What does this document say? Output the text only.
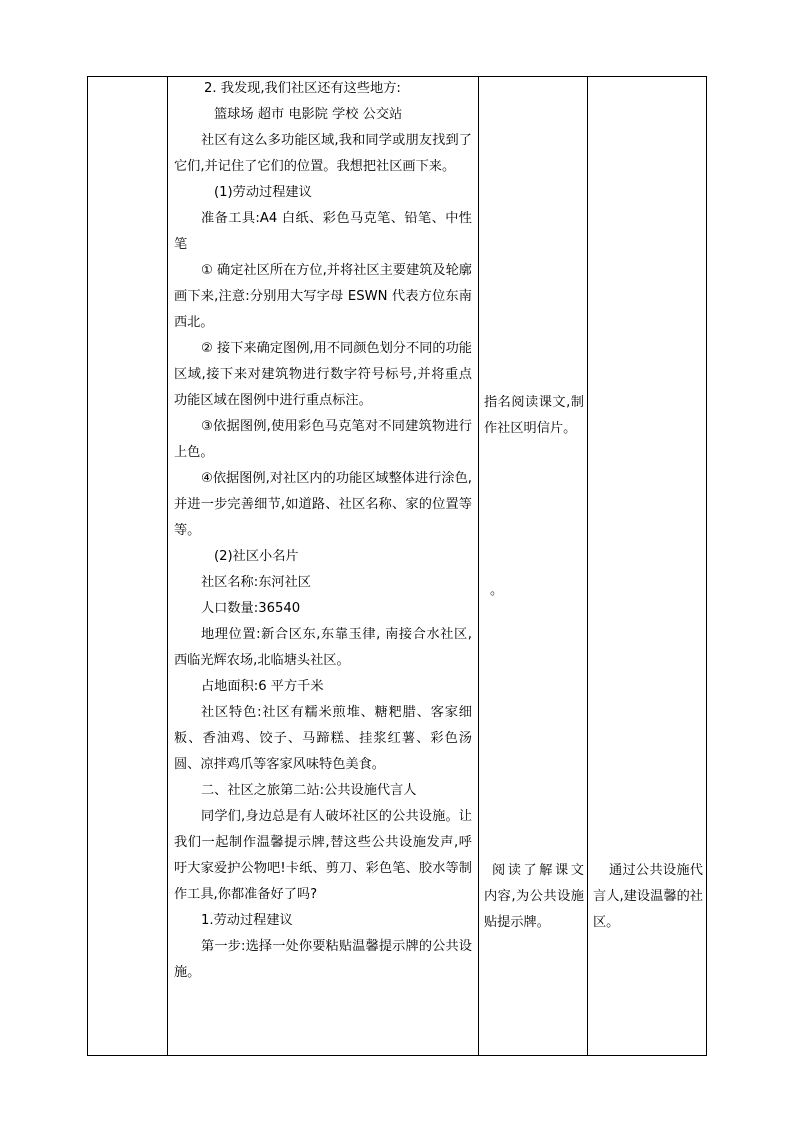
2. 我发现,我们社区还有这些地方:

篮球场 超市 电影院 学校 公交站

社区有这么多功能区域,我和同学或朋友找到了它们,并记住了它们的位置。我想把社区画下来。

(1)劳动过程建议

准备工具:A4 白纸、彩色马克笔、铅笔、中性笔

① 确定社区所在方位,并将社区主要建筑及轮廓画下来,注意:分别用大写字母 ESWN 代表方位东南西北。

② 接下来确定图例,用不同颜色划分不同的功能区域,接下来对建筑物进行数字符号标号,并将重点功能区域在图例中进行重点标注。

③依据图例,使用彩色马克笔对不同建筑物进行上色。

④依据图例,对社区内的功能区域整体进行涂色,并进一步完善细节,如道路、社区名称、家的位置等等。

(2)社区小名片

社区名称:东河社区

人口数量:36540

地理位置:新合区东,东靠玉律, 南接合水社区,西临光辉农场,北临塘头社区。

占地面积:6 平方千米

社区特色:社区有糯米煎堆、糖粑腊、客家细粄、香油鸡、饺子、马蹄糕、挂浆红薯、彩色汤圆、凉拌鸡爪等客家风味特色美食。

二、社区之旅第二站:公共设施代言人

同学们,身边总是有人破坏社区的公共设施。让我们一起制作温馨提示牌,替这些公共设施发声,呼吁大家爱护公物吧!卡纸、剪刀、彩色笔、胶水等制作工具,你都准备好了吗?

1.劳动过程建议

第一步:选择一处你要粘贴温馨提示牌的公共设施。

指名阅读课文,制作社区明信片。

。

阅读了解课文内容,为公共设施贴提示牌。

通过公共设施代言人,建设温馨的社区。
